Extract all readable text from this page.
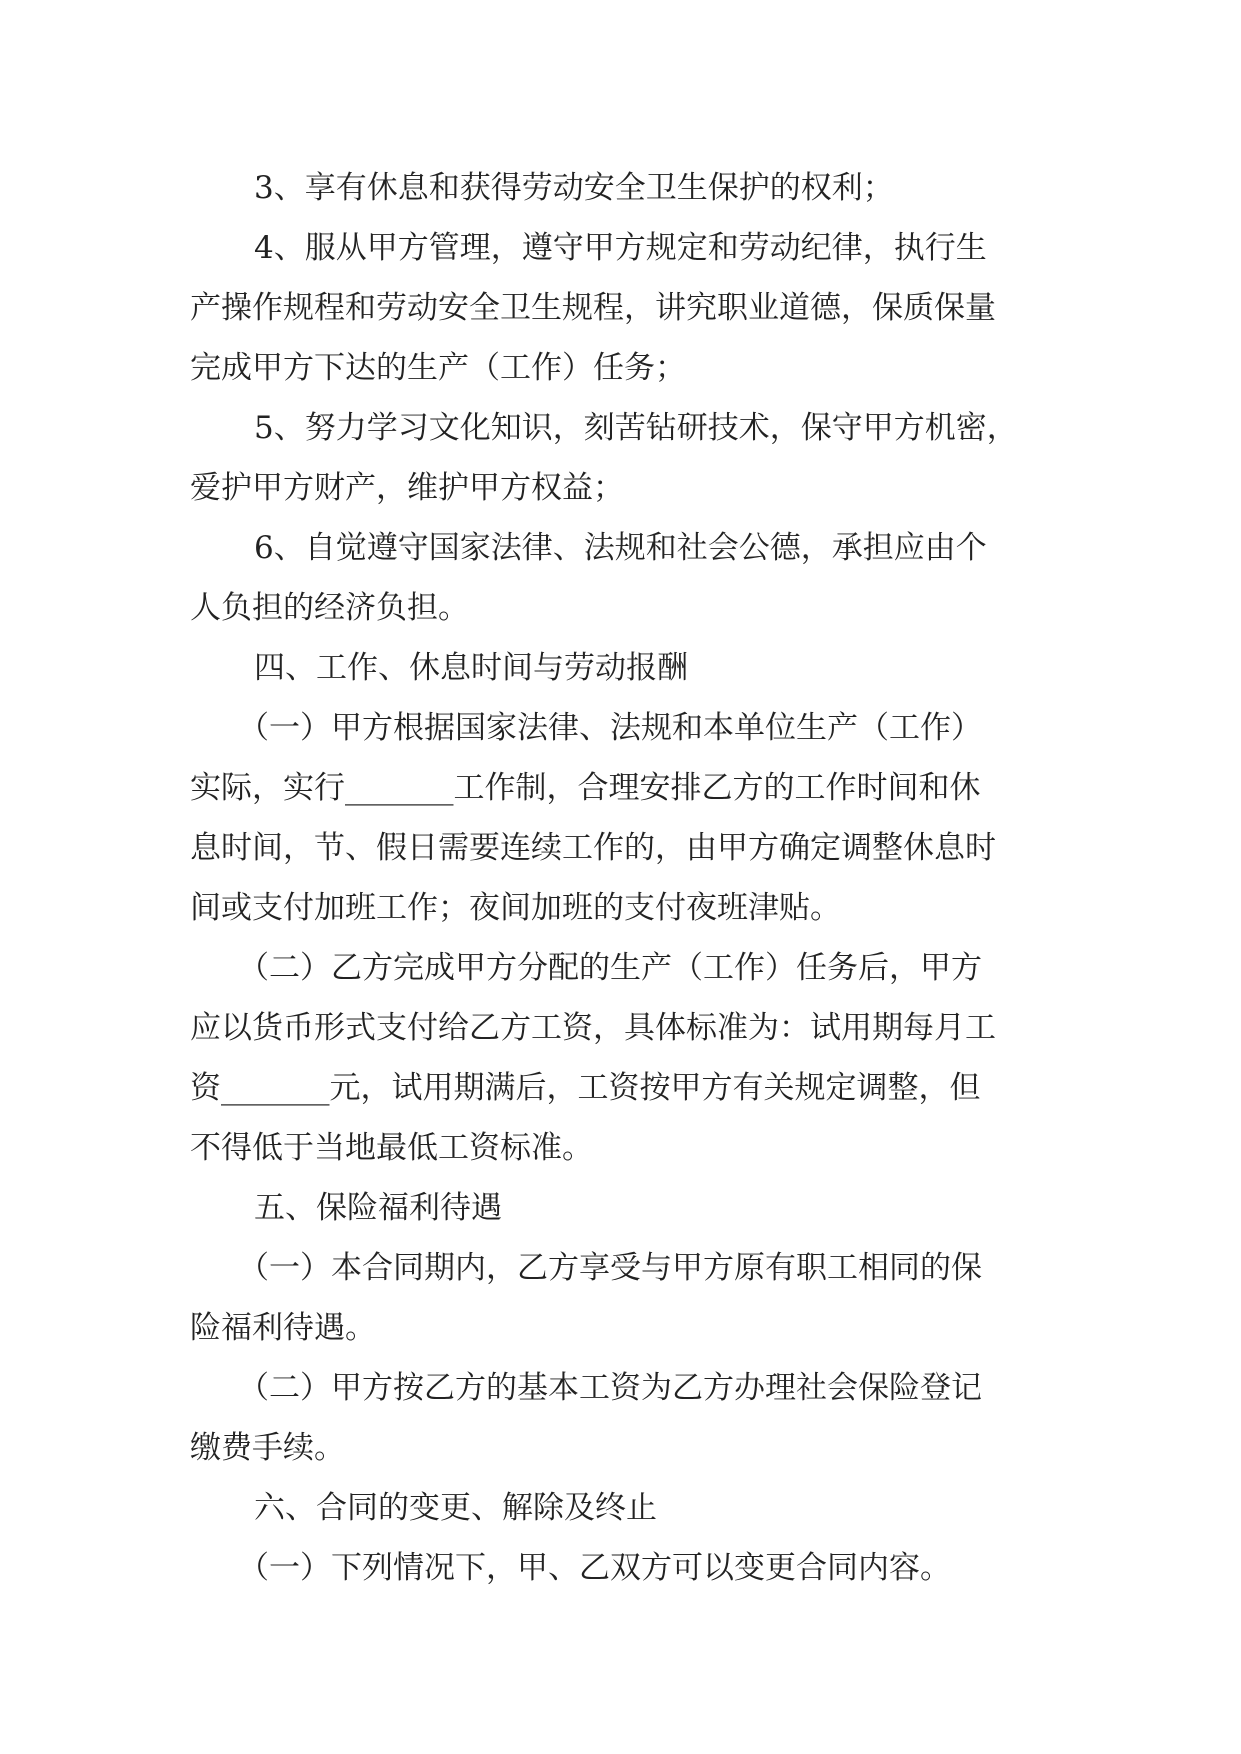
3、享有休息和获得劳动安全卫生保护的权利；
4、服从甲方管理，遵守甲方规定和劳动纪律，执行生
产操作规程和劳动安全卫生规程，讲究职业道德，保质保量
完成甲方下达的生产（工作）任务；
5、努力学习文化知识，刻苦钻研技术，保守甲方机密，
爱护甲方财产，维护甲方权益；
6、自觉遵守国家法律、法规和社会公德，承担应由个
人负担的经济负担。
四、工作、休息时间与劳动报酬
（一）甲方根据国家法律、法规和本单位生产（工作）
实际，实行_______工作制，合理安排乙方的工作时间和休
息时间，节、假日需要连续工作的，由甲方确定调整休息时
间或支付加班工作；夜间加班的支付夜班津贴。
（二）乙方完成甲方分配的生产（工作）任务后，甲方
应以货币形式支付给乙方工资，具体标准为：试用期每月工
资_______元，试用期满后，工资按甲方有关规定调整，但
不得低于当地最低工资标准。
五、保险福利待遇
（一）本合同期内，乙方享受与甲方原有职工相同的保
险福利待遇。
（二）甲方按乙方的基本工资为乙方办理社会保险登记
缴费手续。
六、合同的变更、解除及终止
（一）下列情况下，甲、乙双方可以变更合同内容。
